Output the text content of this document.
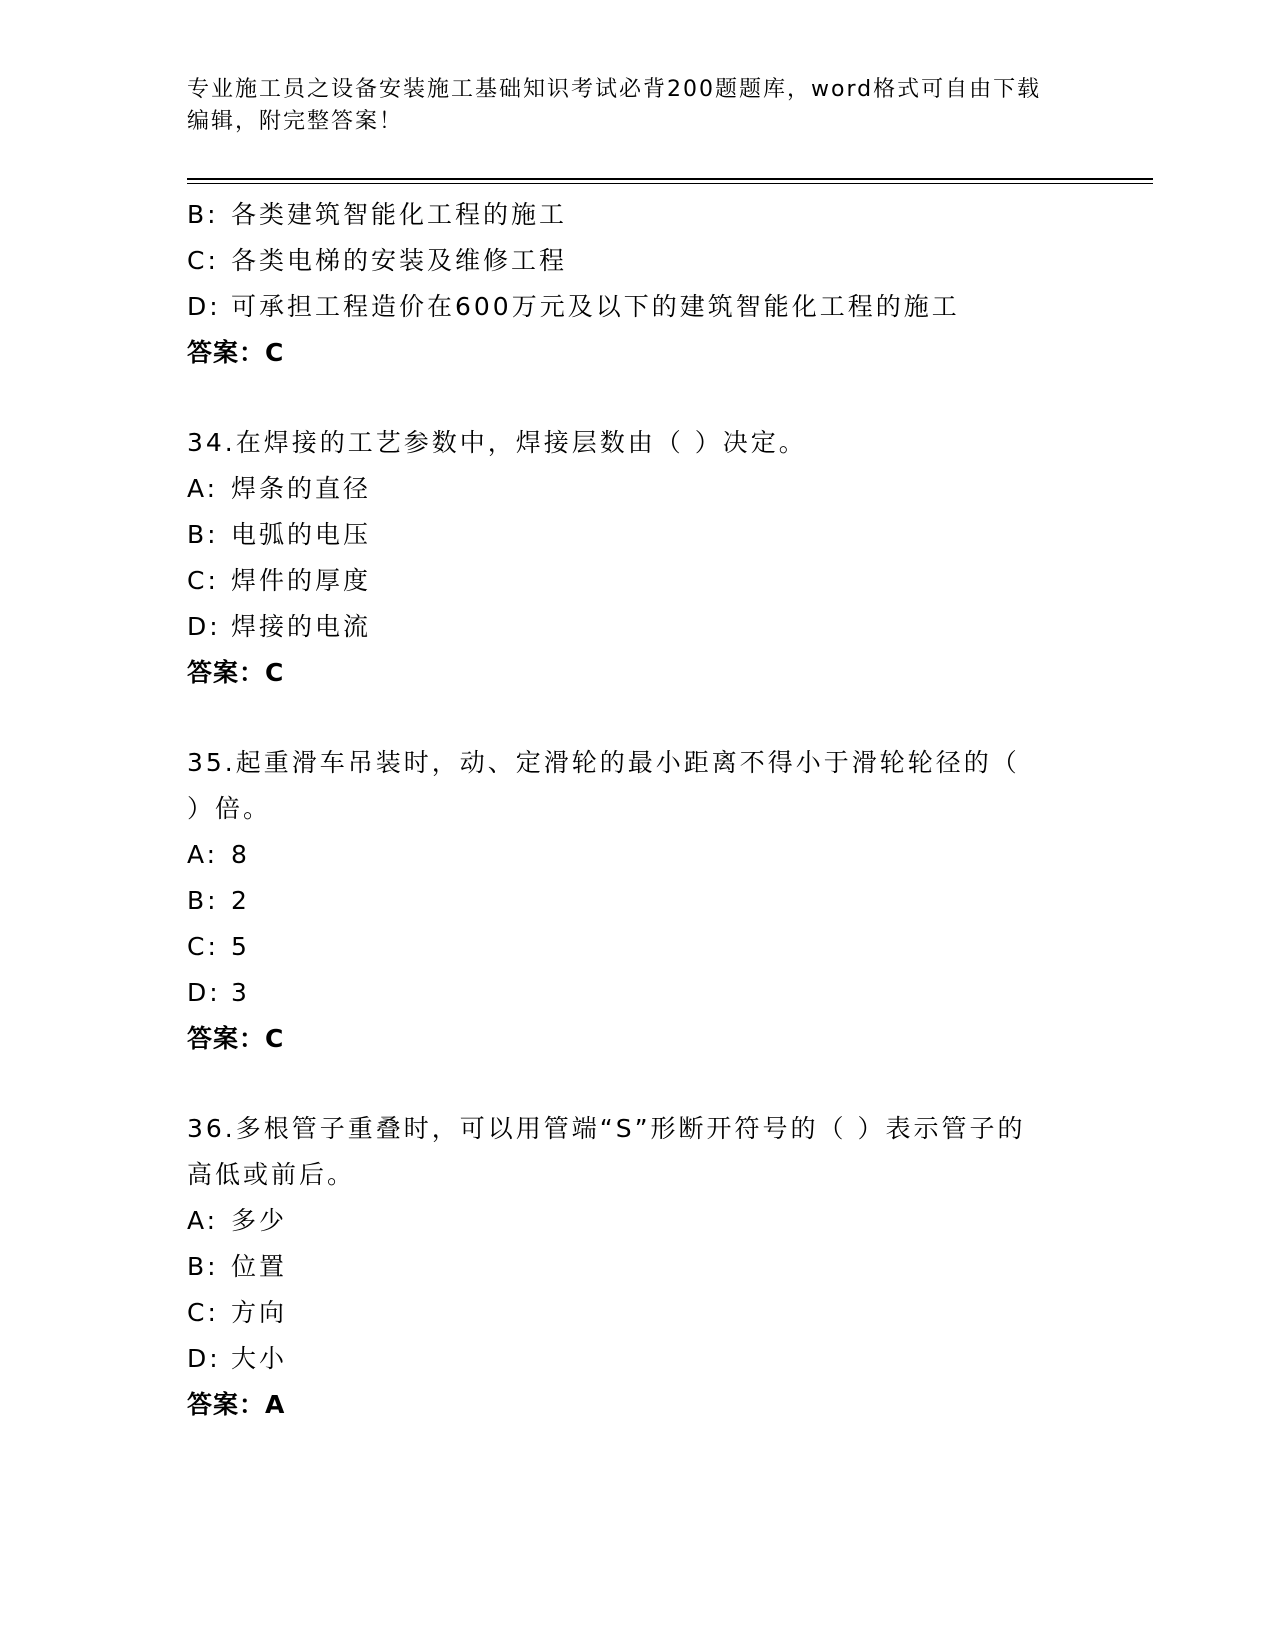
专业施工员之设备安装施工基础知识考试必背200题题库，word格式可自由下载
编辑，附完整答案！
B: 各类建筑智能化工程的施工
C: 各类电梯的安装及维修工程
D: 可承担工程造价在600万元及以下的建筑智能化工程的施工
答案：C
34.在焊接的工艺参数中，焊接层数由（ ）决定。
A: 焊条的直径
B: 电弧的电压
C: 焊件的厚度
D: 焊接的电流
答案：C
35.起重滑车吊装时，动、定滑轮的最小距离不得小于滑轮轮径的（
）倍。
A: 8
B: 2
C: 5
D: 3
答案：C
36.多根管子重叠时，可以用管端“S”形断开符号的（ ）表示管子的
高低或前后。
A: 多少
B: 位置
C: 方向
D: 大小
答案：A
